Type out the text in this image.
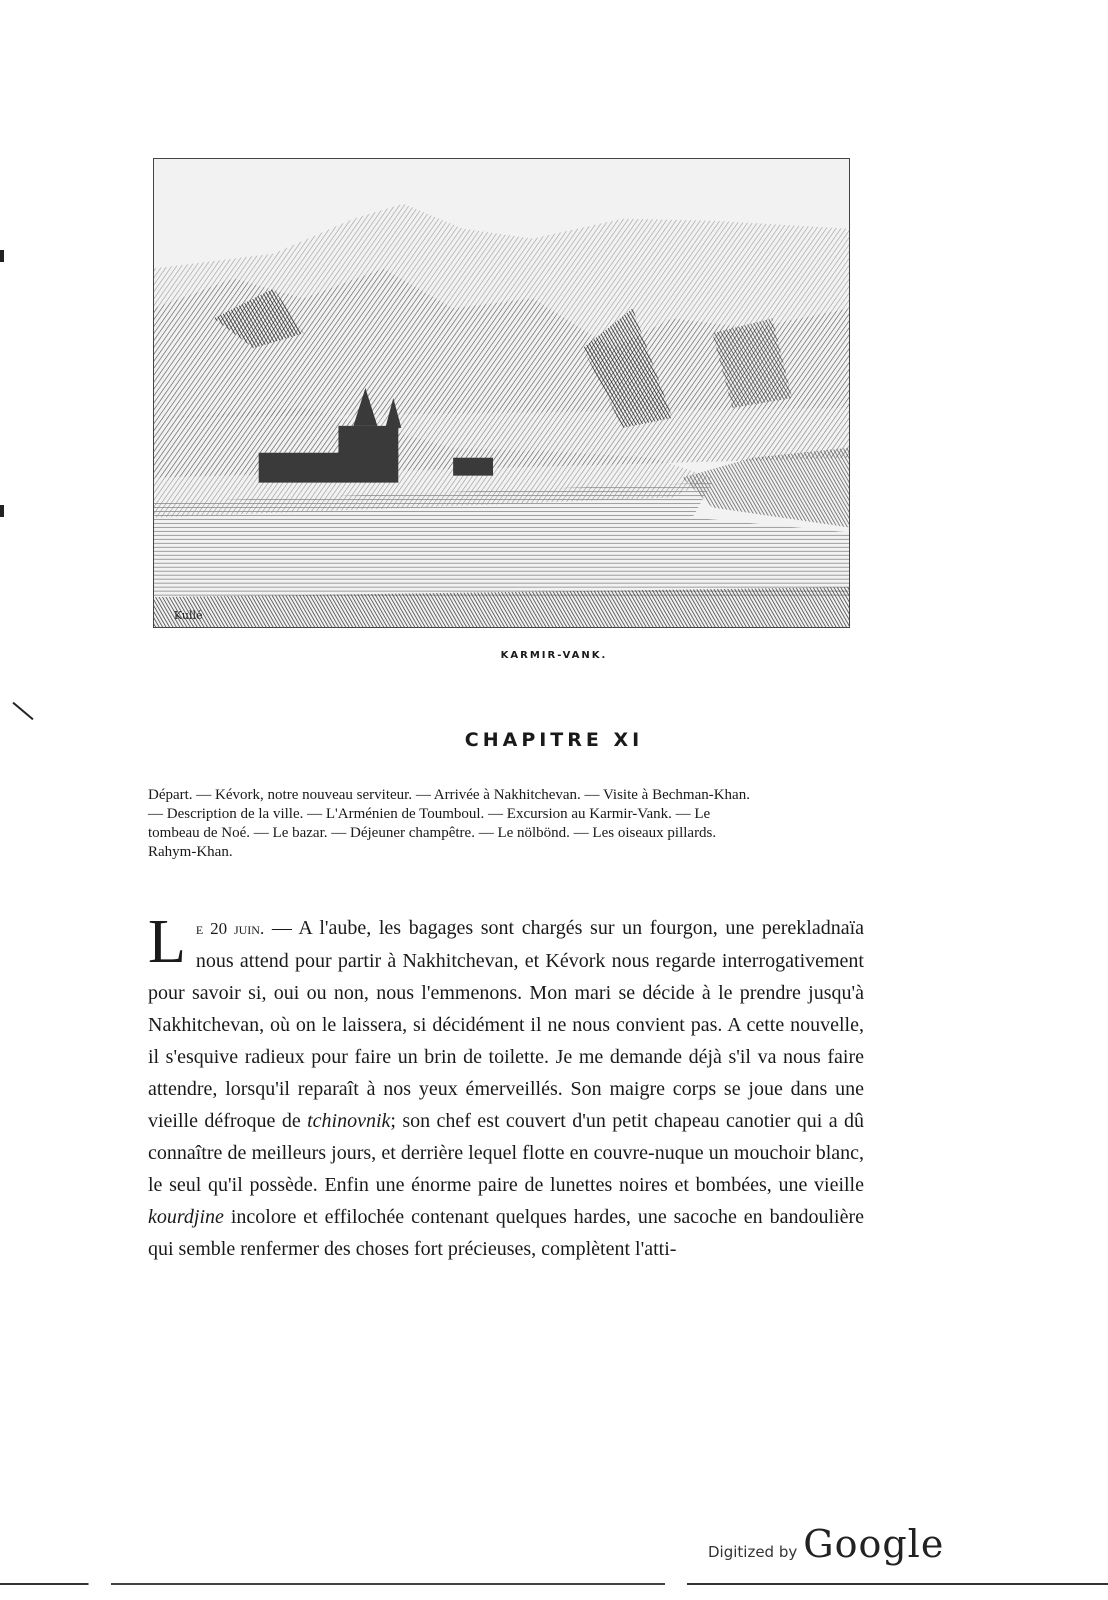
Kullé
KARMIR-VANK.
CHAPITRE XI
Départ. — Kévork, notre nouveau serviteur. — Arrivée à Nakhitchevan. — Visite à Bechman-Khan.
— Description de la ville. — L'Arménien de Toumboul. — Excursion au Karmir-Vank. — Le
tombeau de Noé. — Le bazar. — Déjeuner champêtre. — Le nölbönd. — Les oiseaux pillards.
Rahym-Khan.
Le 20 juin. — A l'aube, les bagages sont chargés sur un fourgon, une perekladnaïa nous attend pour partir à Nakhitchevan, et Kévork nous regarde interrogativement pour savoir si, oui ou non, nous l'emmenons. Mon mari se décide à le prendre jusqu'à Nakhitchevan, où on le laissera, si décidément il ne nous convient pas. A cette nouvelle, il s'esquive radieux pour faire un brin de toilette. Je me demande déjà s'il va nous faire attendre, lorsqu'il reparaît à nos yeux émerveillés. Son maigre corps se joue dans une vieille défroque de tchinovnik; son chef est couvert d'un petit chapeau canotier qui a dû connaître de meilleurs jours, et derrière lequel flotte en couvre-nuque un mouchoir blanc, le seul qu'il possède. Enfin une énorme paire de lunettes noires et bombées, une vieille kourdjine incolore et effilochée contenant quelques hardes, une sacoche en bandoulière qui semble renfermer des choses fort précieuses, complètent l'atti-
Digitized by Google
